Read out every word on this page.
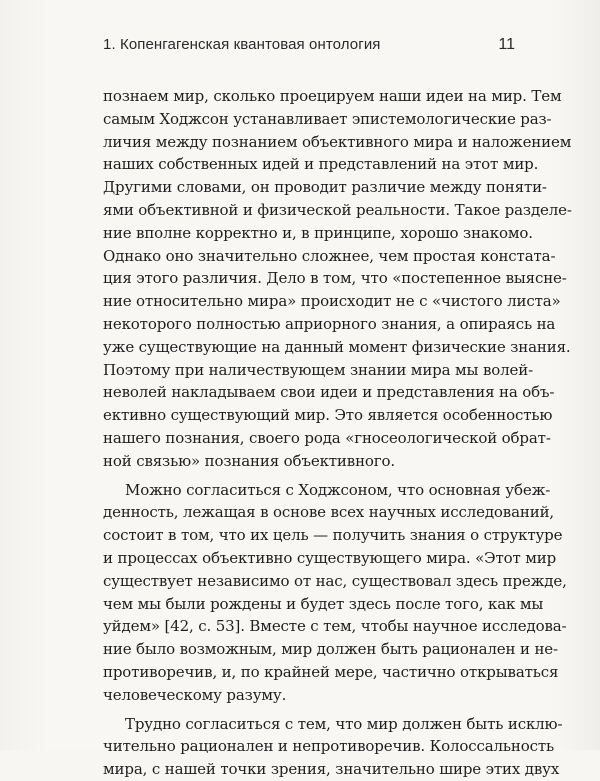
1. Копенгагенская квантовая онтология	11
познаем мир, сколько проецируем наши идеи на мир. Тем
самым Ходжсон устанавливает эпистемологические раз-
личия между познанием объективного мира и наложением
наших собственных идей и представлений на этот мир.
Другими словами, он проводит различие между поняти-
ями объективной и физической реальности. Такое разделе-
ние вполне корректно и, в принципе, хорошо знакомо.
Однако оно значительно сложнее, чем простая констата-
ция этого различия. Дело в том, что «постепенное выясне-
ние относительно мира» происходит не с «чистого листа»
некоторого полностью априорного знания, а опираясь на
уже существующие на данный момент физические знания.
Поэтому при наличествующем знании мира мы волей-
неволей накладываем свои идеи и представления на объ-
ективно существующий мир. Это является особенностью
нашего познания, своего рода «гносеологической обрат-
ной связью» познания объективного.
Можно согласиться с Ходжсоном, что основная убеж-
денность, лежащая в основе всех научных исследований,
состоит в том, что их цель — получить знания о структуре
и процессах объективно существующего мира. «Этот мир
существует независимо от нас, существовал здесь прежде,
чем мы были рождены и будет здесь после того, как мы
уйдем» [42, с. 53]. Вместе с тем, чтобы научное исследова-
ние было возможным, мир должен быть рационален и не-
противоречив, и, по крайней мере, частично открываться
человеческому разуму.
Трудно согласиться с тем, что мир должен быть исклю-
чительно рационален и непротиворечив. Колоссальность
мира, с нашей точки зрения, значительно шире этих двух
